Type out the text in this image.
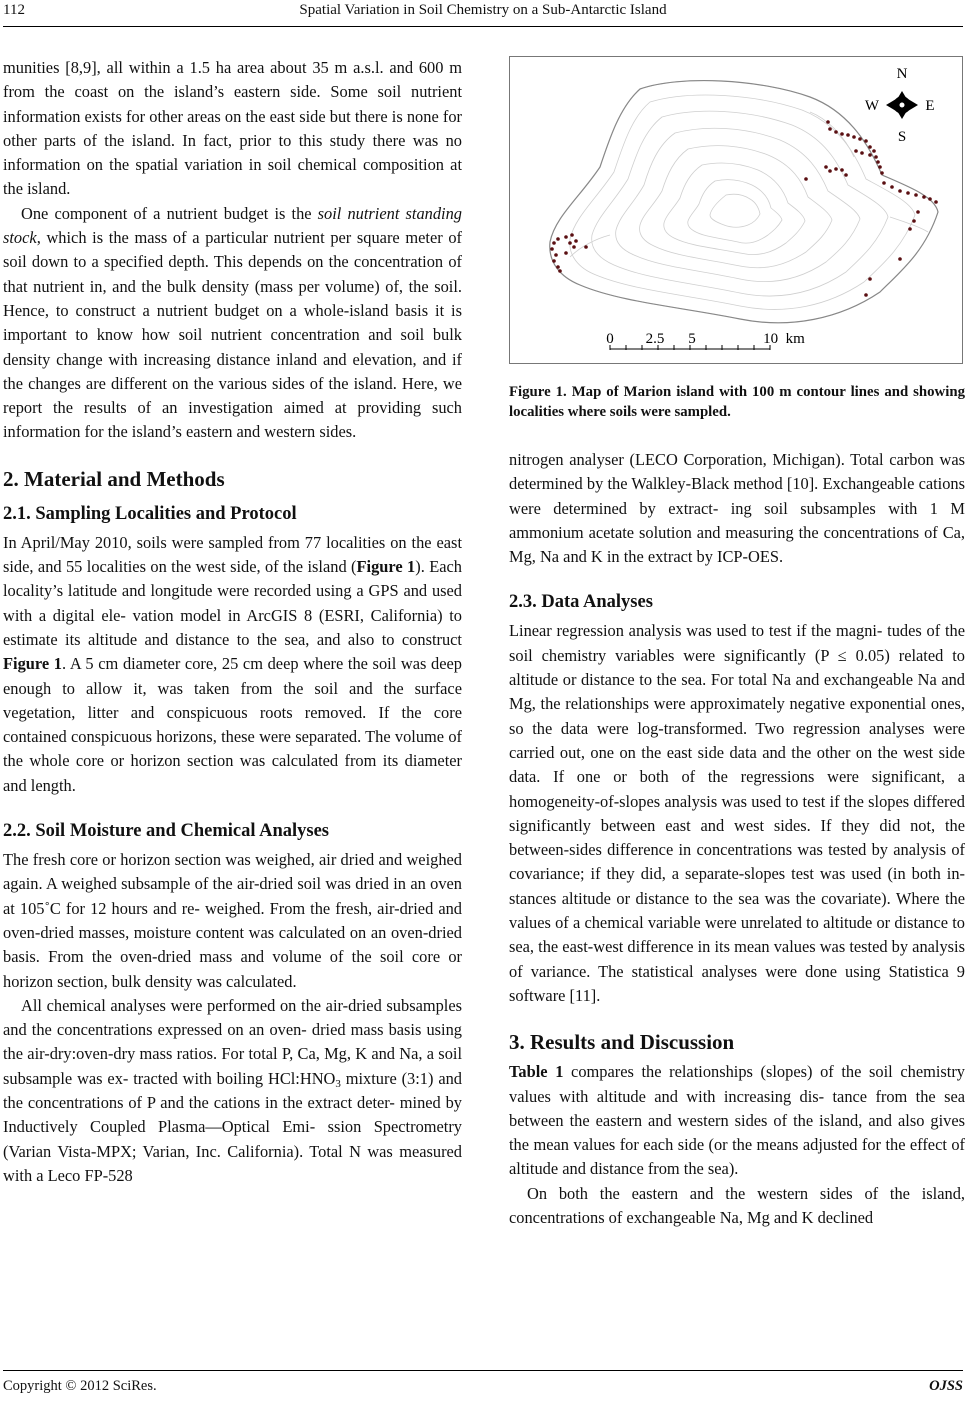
112	Spatial Variation in Soil Chemistry on a Sub-Antarctic Island

munities [8,9], all within a 1.5 ha area about 35 m a.s.l. and 600 m from the coast on the island’s eastern side. Some soil nutrient information exists for other areas on the east side but there is none for other parts of the island. In fact, prior to this study there was no information on the spatial variation in soil chemical composition at the island.

One component of a nutrient budget is the soil nutrient standing stock, which is the mass of a particular nutrient per square meter of soil down to a specified depth. This depends on the concentration of that nutrient in, and the bulk density (mass per volume) of, the soil. Hence, to construct a nutrient budget on a whole-island basis it is important to know how soil nutrient concentration and soil bulk density change with increasing distance inland and elevation, and if the changes are different on the various sides of the island. Here, we report the results of an investigation aimed at providing such information for the island’s eastern and western sides.

2. Material and Methods

2.1. Sampling Localities and Protocol

In April/May 2010, soils were sampled from 77 localities on the east side, and 55 localities on the west side, of the island (Figure 1). Each locality’s latitude and longitude were recorded using a GPS and used with a digital ele- vation model in ArcGIS 8 (ESRI, California) to estimate its altitude and distance to the sea, and also to construct Figure 1. A 5 cm diameter core, 25 cm deep where the soil was deep enough to allow it, was taken from the soil and the surface vegetation, litter and conspicuous roots removed. If the core contained conspicuous horizons, these were separated. The volume of the whole core or horizon section was calculated from its diameter and length.

2.2. Soil Moisture and Chemical Analyses

The fresh core or horizon section was weighed, air dried and weighed again. A weighed subsample of the air-dried soil was dried in an oven at 105˚C for 12 hours and re- weighed. From the fresh, air-dried and oven-dried masses, moisture content was calculated on an oven-dried basis. From the oven-dried mass and volume of the soil core or horizon section, bulk density was calculated.

All chemical analyses were performed on the air-dried subsamples and the concentrations expressed on an oven- dried mass basis using the air-dry:oven-dry mass ratios. For total P, Ca, Mg, K and Na, a soil subsample was ex- tracted with boiling $HCl:HNO_3$ mixture (3:1) and the concentrations of P and the cations in the extract deter- mined by Inductively Coupled Plasma—Optical Emi- ssion Spectrometry (Varian Vista-MPX; Varian, Inc. California). Total N was measured with a Leco FP-528

N
S
E
W
0 2.5 5	10  km
Figure 1. Map of Marion island with 100 m contour lines and showing localities where soils were sampled.

nitrogen analyser (LECO Corporation, Michigan). Total carbon was determined by the Walkley-Black method [10]. Exchangeable cations were determined by extract- ing soil subsamples with 1 M ammonium acetate solution and measuring the concentrations of Ca, Mg, Na and K in the extract by ICP-OES.

2.3. Data Analyses

Linear regression analysis was used to test if the magni- tudes of the soil chemistry variables were significantly (P ≤ 0.05) related to altitude or distance to the sea. For total Na and exchangeable Na and Mg, the relationships were approximately negative exponential ones, so the data were log-transformed. Two regression analyses were carried out, one on the east side data and the other on the west side data. If one or both of the regressions were significant, a homogeneity-of-slopes analysis was used to test if the slopes differed significantly between east and west sides. If they did not, the between-sides difference in concentrations was tested by analysis of covariance; if they did, a separate-slopes test was used (in both in- stances altitude or distance to the sea was the covariate). Where the values of a chemical variable were unrelated to altitude or distance to sea, the east-west difference in its mean values was tested by analysis of variance. The statistical analyses were done using Statistica 9 software [11].

3. Results and Discussion

Table 1 compares the relationships (slopes) of the soil chemistry values with altitude and with increasing dis- tance from the sea between the eastern and western sides of the island, and also gives the mean values for each side (or the means adjusted for the effect of altitude and distance from the sea).

On both the eastern and the western sides of the island, concentrations of exchangeable Na, Mg and K declined

Copyright © 2012 SciRes.	OJSS
